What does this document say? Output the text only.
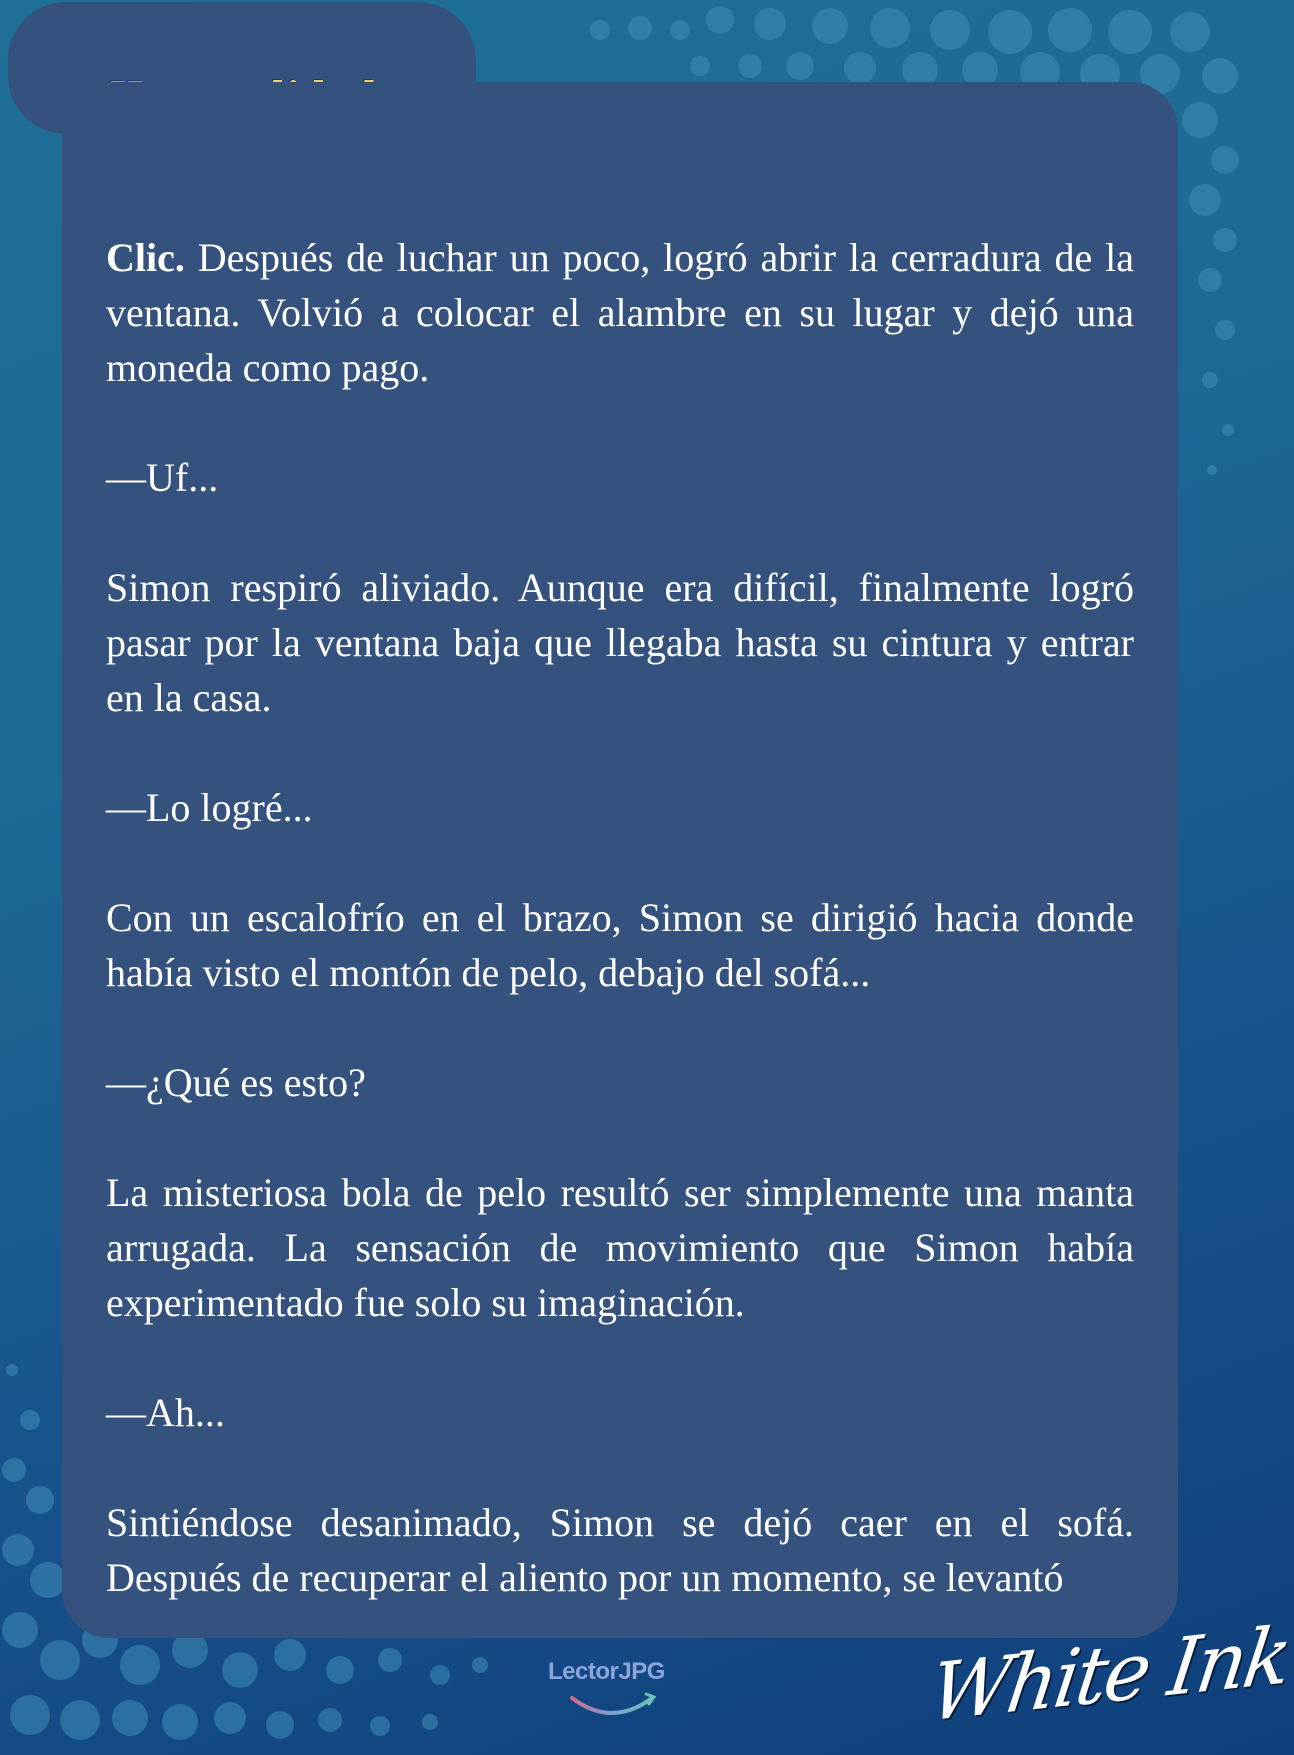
Clic. Después de luchar un poco, logró abrir la cerradura de la ventana. Volvió a colocar el alambre en su lugar y dejó una moneda como pago.

—Uf...

Simon respiró aliviado. Aunque era difícil, finalmente logró pasar por la ventana baja que llegaba hasta su cintura y entrar en la casa.

—Lo logré...

Con un escalofrío en el brazo, Simon se dirigió hacia donde había visto el montón de pelo, debajo del sofá...

—¿Qué es esto?

La misteriosa bola de pelo resultó ser simplemente una manta arrugada. La sensación de movimiento que Simon había experimentado fue solo su imaginación.

—Ah...

Sintiéndose desanimado, Simon se dejó caer en el sofá. Después de recuperar el aliento por un momento, se levantó

LectorJPG	White Ink
